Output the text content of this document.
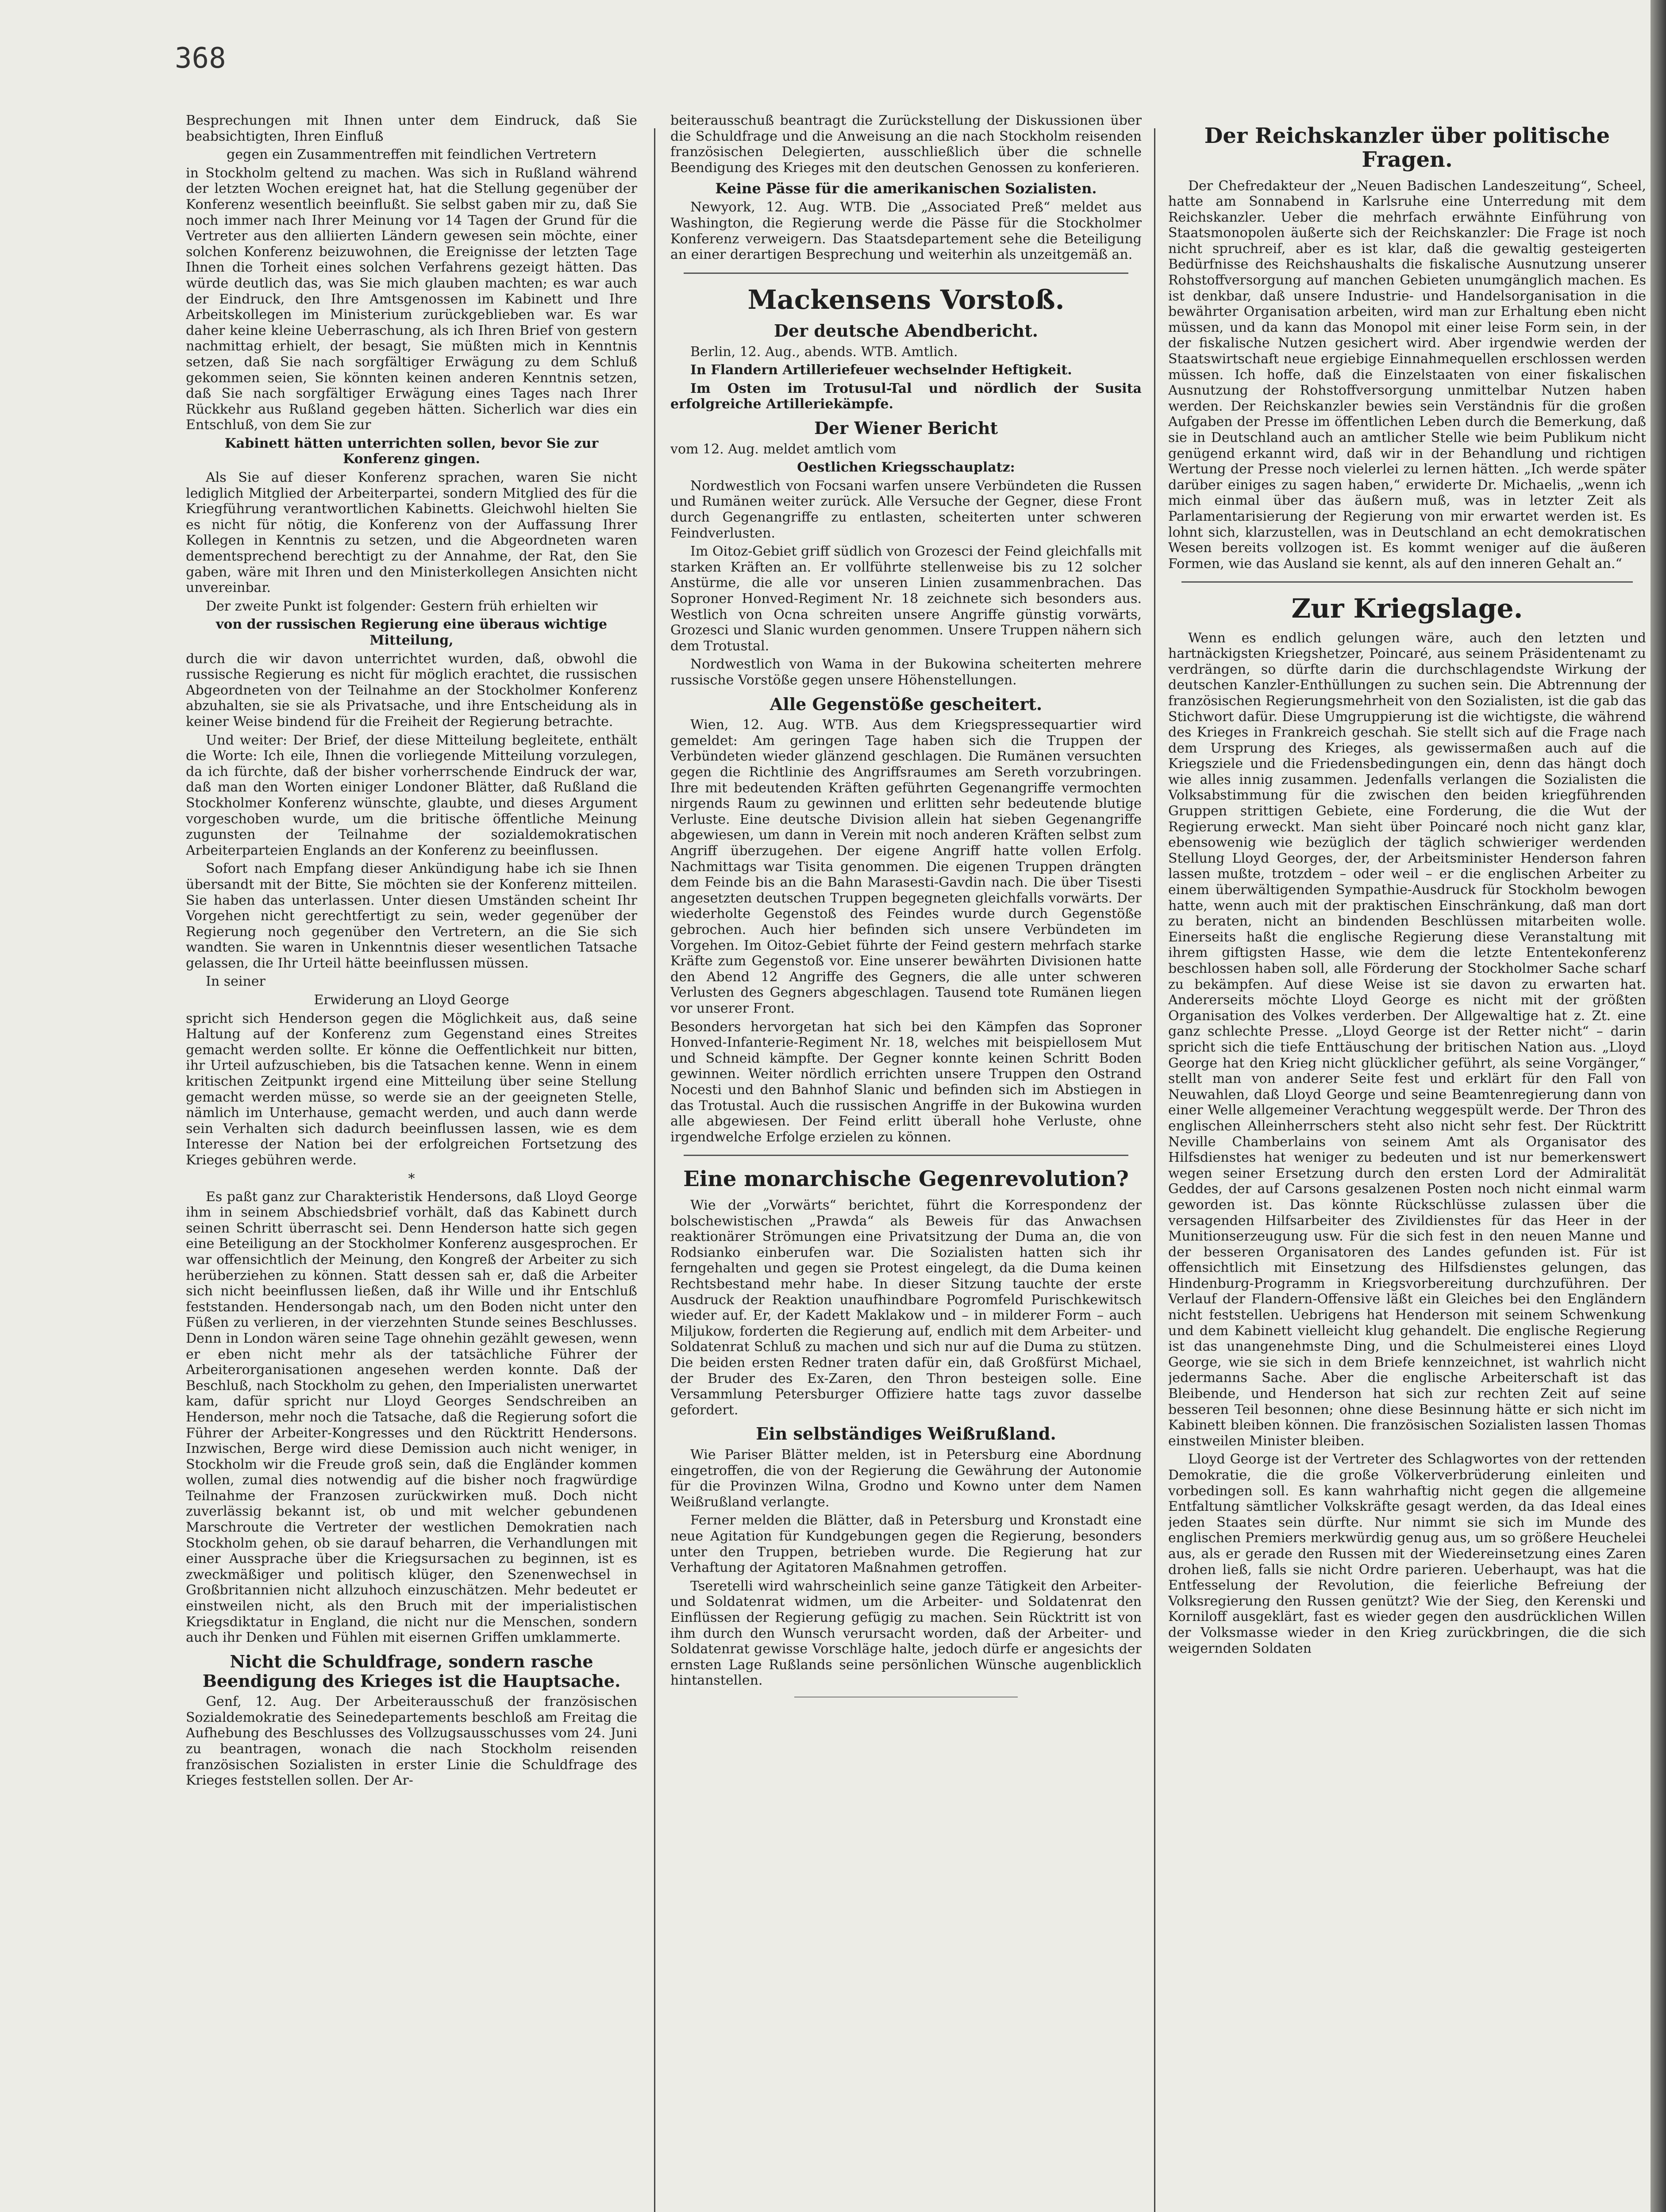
368

Besprechungen mit Ihnen unter dem Eindruck, daß Sie beabsichtigten, Ihren Einfluß

gegen ein Zusammentreffen mit feindlichen Vertretern

in Stockholm geltend zu machen. Was sich in Rußland während der letzten Wochen ereignet hat, hat die Stellung gegenüber der Konferenz wesentlich beeinflußt. Sie selbst gaben mir zu, daß Sie noch immer nach Ihrer Meinung vor 14 Tagen der Grund für die Vertreter aus den alliierten Ländern gewesen sein möchte, einer solchen Konferenz beizuwohnen, die Ereignisse der letzten Tage Ihnen die Torheit eines solchen Verfahrens gezeigt hätten. Das würde deutlich das, was Sie mich glauben machten; es war auch der Eindruck, den Ihre Amtsgenossen im Kabinett und Ihre Arbeitskollegen im Ministerium zurückgeblieben war. Es war daher keine kleine Ueberraschung, als ich Ihren Brief von gestern nachmittag erhielt, der besagt, Sie müßten mich in Kenntnis setzen, daß Sie nach sorgfältiger Erwägung zu dem Schluß gekommen seien, Sie könnten keinen anderen Kenntnis setzen, daß Sie nach sorgfältiger Erwägung eines Tages nach Ihrer Rückkehr aus Rußland gegeben hätten. Sicherlich war dies ein Entschluß, von dem Sie zur

Kabinett hätten unterrichten sollen, bevor Sie zur Konferenz gingen.

Als Sie auf dieser Konferenz sprachen, waren Sie nicht lediglich Mitglied der Arbeiterpartei, sondern Mitglied des für die Kriegführung verantwortlichen Kabinetts. Gleichwohl hielten Sie es nicht für nötig, die Konferenz von der Auffassung Ihrer Kollegen in Kenntnis zu setzen, und die Abgeordneten waren dementsprechend berechtigt zu der Annahme, der Rat, den Sie gaben, wäre mit Ihren und den Ministerkollegen Ansichten nicht unvereinbar.

Der zweite Punkt ist folgender: Gestern früh erhielten wir

von der russischen Regierung eine überaus wichtige Mitteilung,

durch die wir davon unterrichtet wurden, daß, obwohl die russische Regierung es nicht für möglich erachtet, die russischen Abgeordneten von der Teilnahme an der Stockholmer Konferenz abzuhalten, sie sie als Privatsache, und ihre Entscheidung als in keiner Weise bindend für die Freiheit der Regierung betrachte.

Und weiter: Der Brief, der diese Mitteilung begleitete, enthält die Worte: Ich eile, Ihnen die vorliegende Mitteilung vorzulegen, da ich fürchte, daß der bisher vorherrschende Eindruck der war, daß man den Worten einiger Londoner Blätter, daß Rußland die Stockholmer Konferenz wünschte, glaubte, und dieses Argument vorgeschoben wurde, um die britische öffentliche Meinung zugunsten der Teilnahme der sozialdemokratischen Arbeiterparteien Englands an der Konferenz zu beeinflussen.

Sofort nach Empfang dieser Ankündigung habe ich sie Ihnen übersandt mit der Bitte, Sie möchten sie der Konferenz mitteilen. Sie haben das unterlassen. Unter diesen Umständen scheint Ihr Vorgehen nicht gerechtfertigt zu sein, weder gegenüber der Regierung noch gegenüber den Vertretern, an die Sie sich wandten. Sie waren in Unkenntnis dieser wesentlichen Tatsache gelassen, die Ihr Urteil hätte beeinflussen müssen.

In seiner

Erwiderung an Lloyd George

spricht sich Henderson gegen die Möglichkeit aus, daß seine Haltung auf der Konferenz zum Gegenstand eines Streites gemacht werden sollte. Er könne die Oeffentlichkeit nur bitten, ihr Urteil aufzuschieben, bis die Tatsachen kenne. Wenn in einem kritischen Zeitpunkt irgend eine Mitteilung über seine Stellung gemacht werden müsse, so werde sie an der geeigneten Stelle, nämlich im Unterhause, gemacht werden, und auch dann werde sein Verhalten sich dadurch beeinflussen lassen, wie es dem Interesse der Nation bei der erfolgreichen Fortsetzung des Krieges gebühren werde.

*

Es paßt ganz zur Charakteristik Hendersons, daß Lloyd George ihm in seinem Abschiedsbrief vorhält, daß das Kabinett durch seinen Schritt überrascht sei. Denn Henderson hatte sich gegen eine Beteiligung an der Stockholmer Konferenz ausgesprochen. Er war offensichtlich der Meinung, den Kongreß der Arbeiter zu sich herüberziehen zu können. Statt dessen sah er, daß die Arbeiter sich nicht beeinflussen ließen, daß ihr Wille und ihr Entschluß feststanden. Hendersongab nach, um den Boden nicht unter den Füßen zu verlieren, in der vierzehnten Stunde seines Beschlusses. Denn in London wären seine Tage ohnehin gezählt gewesen, wenn er eben nicht mehr als der tatsächliche Führer der Arbeiterorganisationen angesehen werden konnte. Daß der Beschluß, nach Stockholm zu gehen, den Imperialisten unerwartet kam, dafür spricht nur Lloyd Georges Sendschreiben an Henderson, mehr noch die Tatsache, daß die Regierung sofort die Führer der Arbeiter-Kongresses und den Rücktritt Hendersons. Inzwischen, Berge wird diese Demission auch nicht weniger, in Stockholm wir die Freude groß sein, daß die Engländer kommen wollen, zumal dies notwendig auf die bisher noch fragwürdige Teilnahme der Franzosen zurückwirken muß. Doch nicht zuverlässig bekannt ist, ob und mit welcher gebundenen Marschroute die Vertreter der westlichen Demokratien nach Stockholm gehen, ob sie darauf beharren, die Verhandlungen mit einer Aussprache über die Kriegsursachen zu beginnen, ist es zweckmäßiger und politisch klüger, den Szenenwechsel in Großbritannien nicht allzuhoch einzuschätzen. Mehr bedeutet er einstweilen nicht, als den Bruch mit der imperialistischen Kriegsdiktatur in England, die nicht nur die Menschen, sondern auch ihr Denken und Fühlen mit eisernen Griffen umklammerte.

Nicht die Schuldfrage, sondern rasche Beendigung des Krieges ist die Hauptsache.

Genf, 12. Aug. Der Arbeiterausschuß der französischen Sozialdemokratie des Seinedepartements beschloß am Freitag die Aufhebung des Beschlusses des Vollzugsausschusses vom 24. Juni zu beantragen, wonach die nach Stockholm reisenden französischen Sozialisten in erster Linie die Schuldfrage des Krieges feststellen sollen. Der Ar-

beiterausschuß beantragt die Zurückstellung der Diskussionen über die Schuldfrage und die Anweisung an die nach Stockholm reisenden französischen Delegierten, ausschließlich über die schnelle Beendigung des Krieges mit den deutschen Genossen zu konferieren.

Keine Pässe für die amerikanischen Sozialisten.

Newyork, 12. Aug. WTB. Die „Associated Preß“ meldet aus Washington, die Regierung werde die Pässe für die Stockholmer Konferenz verweigern. Das Staatsdepartement sehe die Beteiligung an einer derartigen Besprechung und weiterhin als unzeitgemäß an.

Mackensens Vorstoß.
Der deutsche Abendbericht.

Berlin, 12. Aug., abends. WTB. Amtlich.

In Flandern Artilleriefeuer wechselnder Heftigkeit.

Im Osten im Trotusul-Tal und nördlich der Susita erfolgreiche Artilleriekämpfe.

Der Wiener Bericht

vom 12. Aug. meldet amtlich vom

Oestlichen Kriegsschauplatz:

Nordwestlich von Focsani warfen unsere Verbündeten die Russen und Rumänen weiter zurück. Alle Versuche der Gegner, diese Front durch Gegenangriffe zu entlasten, scheiterten unter schweren Feindverlusten.

Im Oitoz-Gebiet griff südlich von Grozesci der Feind gleichfalls mit starken Kräften an. Er vollführte stellenweise bis zu 12 solcher Anstürme, die alle vor unseren Linien zusammenbrachen. Das Soproner Honved-Regiment Nr. 18 zeichnete sich besonders aus. Westlich von Ocna schreiten unsere Angriffe günstig vorwärts, Grozesci und Slanic wurden genommen. Unsere Truppen nähern sich dem Trotustal.

Nordwestlich von Wama in der Bukowina scheiterten mehrere russische Vorstöße gegen unsere Höhenstellungen.

Alle Gegenstöße gescheitert.

Wien, 12. Aug. WTB. Aus dem Kriegspressequartier wird gemeldet: Am geringen Tage haben sich die Truppen der Verbündeten wieder glänzend geschlagen. Die Rumänen versuchten gegen die Richtlinie des Angriffsraumes am Sereth vorzubringen. Ihre mit bedeutenden Kräften geführten Gegenangriffe vermochten nirgends Raum zu gewinnen und erlitten sehr bedeutende blutige Verluste. Eine deutsche Division allein hat sieben Gegenangriffe abgewiesen, um dann in Verein mit noch anderen Kräften selbst zum Angriff überzugehen. Der eigene Angriff hatte vollen Erfolg. Nachmittags war Tisita genommen. Die eigenen Truppen drängten dem Feinde bis an die Bahn Marasesti-Gavdin nach. Die über Tisesti angesetzten deutschen Truppen begegneten gleichfalls vorwärts. Der wiederholte Gegenstoß des Feindes wurde durch Gegenstöße gebrochen. Auch hier befinden sich unsere Verbündeten im Vorgehen. Im Oitoz-Gebiet führte der Feind gestern mehrfach starke Kräfte zum Gegenstoß vor. Eine unserer bewährten Divisionen hatte den Abend 12 Angriffe des Gegners, die alle unter schweren Verlusten des Gegners abgeschlagen. Tausend tote Rumänen liegen vor unserer Front.

Besonders hervorgetan hat sich bei den Kämpfen das Soproner Honved-Infanterie-Regiment Nr. 18, welches mit beispiellosem Mut und Schneid kämpfte. Der Gegner konnte keinen Schritt Boden gewinnen. Weiter nördlich errichten unsere Truppen den Ostrand Nocesti und den Bahnhof Slanic und befinden sich im Abstiegen in das Trotustal. Auch die russischen Angriffe in der Bukowina wurden alle abgewiesen. Der Feind erlitt überall hohe Verluste, ohne irgendwelche Erfolge erzielen zu können.

Eine monarchische Gegenrevolution?

Wie der „Vorwärts“ berichtet, führt die Korrespondenz der bolschewistischen „Prawda“ als Beweis für das Anwachsen reaktionärer Strömungen eine Privatsitzung der Duma an, die von Rodsianko einberufen war. Die Sozialisten hatten sich ihr ferngehalten und gegen sie Protest eingelegt, da die Duma keinen Rechtsbestand mehr habe. In dieser Sitzung tauchte der erste Ausdruck der Reaktion unaufhindbare Pogromfeld Purischkewitsch wieder auf. Er, der Kadett Maklakow und – in milderer Form – auch Miljukow, forderten die Regierung auf, endlich mit dem Arbeiter- und Soldatenrat Schluß zu machen und sich nur auf die Duma zu stützen. Die beiden ersten Redner traten dafür ein, daß Großfürst Michael, der Bruder des Ex-Zaren, den Thron besteigen solle. Eine Versammlung Petersburger Offiziere hatte tags zuvor dasselbe gefordert.

Ein selbständiges Weißrußland.

Wie Pariser Blätter melden, ist in Petersburg eine Abordnung eingetroffen, die von der Regierung die Gewährung der Autonomie für die Provinzen Wilna, Grodno und Kowno unter dem Namen Weißrußland verlangte.

Ferner melden die Blätter, daß in Petersburg und Kronstadt eine neue Agitation für Kundgebungen gegen die Regierung, besonders unter den Truppen, betrieben wurde. Die Regierung hat zur Verhaftung der Agitatoren Maßnahmen getroffen.

Tseretelli wird wahrscheinlich seine ganze Tätigkeit den Arbeiter- und Soldatenrat widmen, um die Arbeiter- und Soldatenrat den Einflüssen der Regierung gefügig zu machen. Sein Rücktritt ist von ihm durch den Wunsch verursacht worden, daß der Arbeiter- und Soldatenrat gewisse Vorschläge halte, jedoch dürfe er angesichts der ernsten Lage Rußlands seine persönlichen Wünsche augenblicklich hintanstellen.

Der Reichskanzler über politische Fragen.

Der Chefredakteur der „Neuen Badischen Landeszeitung“, Scheel, hatte am Sonnabend in Karlsruhe eine Unterredung mit dem Reichskanzler. Ueber die mehrfach erwähnte Einführung von Staatsmonopolen äußerte sich der Reichskanzler: Die Frage ist noch nicht spruchreif, aber es ist klar, daß die gewaltig gesteigerten Bedürfnisse des Reichshaushalts die fiskalische Ausnutzung unserer Rohstoffversorgung auf manchen Gebieten unumgänglich machen. Es ist denkbar, daß unsere Industrie- und Handelsorganisation in die bewährter Organisation arbeiten, wird man zur Erhaltung eben nicht müssen, und da kann das Monopol mit einer leise Form sein, in der der fiskalische Nutzen gesichert wird. Aber irgendwie werden der Staatswirtschaft neue ergiebige Einnahmequellen erschlossen werden müssen. Ich hoffe, daß die Einzelstaaten von einer fiskalischen Ausnutzung der Rohstoffversorgung unmittelbar Nutzen haben werden. Der Reichskanzler bewies sein Verständnis für die großen Aufgaben der Presse im öffentlichen Leben durch die Bemerkung, daß sie in Deutschland auch an amtlicher Stelle wie beim Publikum nicht genügend erkannt wird, daß wir in der Behandlung und richtigen Wertung der Presse noch vielerlei zu lernen hätten. „Ich werde später darüber einiges zu sagen haben,“ erwiderte Dr. Michaelis, „wenn ich mich einmal über das äußern muß, was in letzter Zeit als Parlamentarisierung der Regierung von mir erwartet werden ist. Es lohnt sich, klarzustellen, was in Deutschland an echt demokratischen Wesen bereits vollzogen ist. Es kommt weniger auf die äußeren Formen, wie das Ausland sie kennt, als auf den inneren Gehalt an.“

Zur Kriegslage.

Wenn es endlich gelungen wäre, auch den letzten und hartnäckigsten Kriegshetzer, Poincaré, aus seinem Präsidentenamt zu verdrängen, so dürfte darin die durchschlagendste Wirkung der deutschen Kanzler-Enthüllungen zu suchen sein. Die Abtrennung der französischen Regierungsmehrheit von den Sozialisten, ist die gab das Stichwort dafür. Diese Umgruppierung ist die wichtigste, die während des Krieges in Frankreich geschah. Sie stellt sich auf die Frage nach dem Ursprung des Krieges, als gewissermaßen auch auf die Kriegsziele und die Friedensbedingungen ein, denn das hängt doch wie alles innig zusammen. Jedenfalls verlangen die Sozialisten die Volksabstimmung für die zwischen den beiden kriegführenden Gruppen strittigen Gebiete, eine Forderung, die die Wut der Regierung erweckt. Man sieht über Poincaré noch nicht ganz klar, ebensowenig wie bezüglich der täglich schwieriger werdenden Stellung Lloyd Georges, der, der Arbeitsminister Henderson fahren lassen mußte, trotzdem – oder weil – er die englischen Arbeiter zu einem überwältigenden Sympathie-Ausdruck für Stockholm bewogen hatte, wenn auch mit der praktischen Einschränkung, daß man dort zu beraten, nicht an bindenden Beschlüssen mitarbeiten wolle. Einerseits haßt die englische Regierung diese Veranstaltung mit ihrem giftigsten Hasse, wie dem die letzte Ententekonferenz beschlossen haben soll, alle Förderung der Stockholmer Sache scharf zu bekämpfen. Auf diese Weise ist sie davon zu erwarten hat. Andererseits möchte Lloyd George es nicht mit der größten Organisation des Volkes verderben. Der Allgewaltige hat z. Zt. eine ganz schlechte Presse. „Lloyd George ist der Retter nicht“ – darin spricht sich die tiefe Enttäuschung der britischen Nation aus. „Lloyd George hat den Krieg nicht glücklicher geführt, als seine Vorgänger,“ stellt man von anderer Seite fest und erklärt für den Fall von Neuwahlen, daß Lloyd George und seine Beamtenregierung dann von einer Welle allgemeiner Verachtung weggespült werde. Der Thron des englischen Alleinherrschers steht also nicht sehr fest. Der Rücktritt Neville Chamberlains von seinem Amt als Organisator des Hilfsdienstes hat weniger zu bedeuten und ist nur bemerkenswert wegen seiner Ersetzung durch den ersten Lord der Admiralität Geddes, der auf Carsons gesalzenen Posten noch nicht einmal warm geworden ist. Das könnte Rückschlüsse zulassen über die versagenden Hilfsarbeiter des Zivildienstes für das Heer in der Munitionserzeugung usw. Für die sich fest in den neuen Manne und der besseren Organisatoren des Landes gefunden ist. Für ist offensichtlich mit Einsetzung des Hilfsdienstes gelungen, das Hindenburg-Programm in Kriegsvorbereitung durchzuführen. Der Verlauf der Flandern-Offensive läßt ein Gleiches bei den Engländern nicht feststellen. Uebrigens hat Henderson mit seinem Schwenkung und dem Kabinett vielleicht klug gehandelt. Die englische Regierung ist das unangenehmste Ding, und die Schulmeisterei eines Lloyd George, wie sie sich in dem Briefe kennzeichnet, ist wahrlich nicht jedermanns Sache. Aber die englische Arbeiterschaft ist das Bleibende, und Henderson hat sich zur rechten Zeit auf seine besseren Teil besonnen; ohne diese Besinnung hätte er sich nicht im Kabinett bleiben können. Die französischen Sozialisten lassen Thomas einstweilen Minister bleiben.

Lloyd George ist der Vertreter des Schlagwortes von der rettenden Demokratie, die die große Völkerverbrüderung einleiten und vorbedingen soll. Es kann wahrhaftig nicht gegen die allgemeine Entfaltung sämtlicher Volkskräfte gesagt werden, da das Ideal eines jeden Staates sein dürfte. Nur nimmt sie sich im Munde des englischen Premiers merkwürdig genug aus, um so größere Heuchelei aus, als er gerade den Russen mit der Wiedereinsetzung eines Zaren drohen ließ, falls sie nicht Ordre parieren. Ueberhaupt, was hat die Entfesselung der Revolution, die feierliche Befreiung der Volksregierung den Russen genützt? Wie der Sieg, den Kerenski und Korniloff ausgeklärt, fast es wieder gegen den ausdrücklichen Willen der Volksmasse wieder in den Krieg zurückbringen, die die sich weigernden Soldaten
